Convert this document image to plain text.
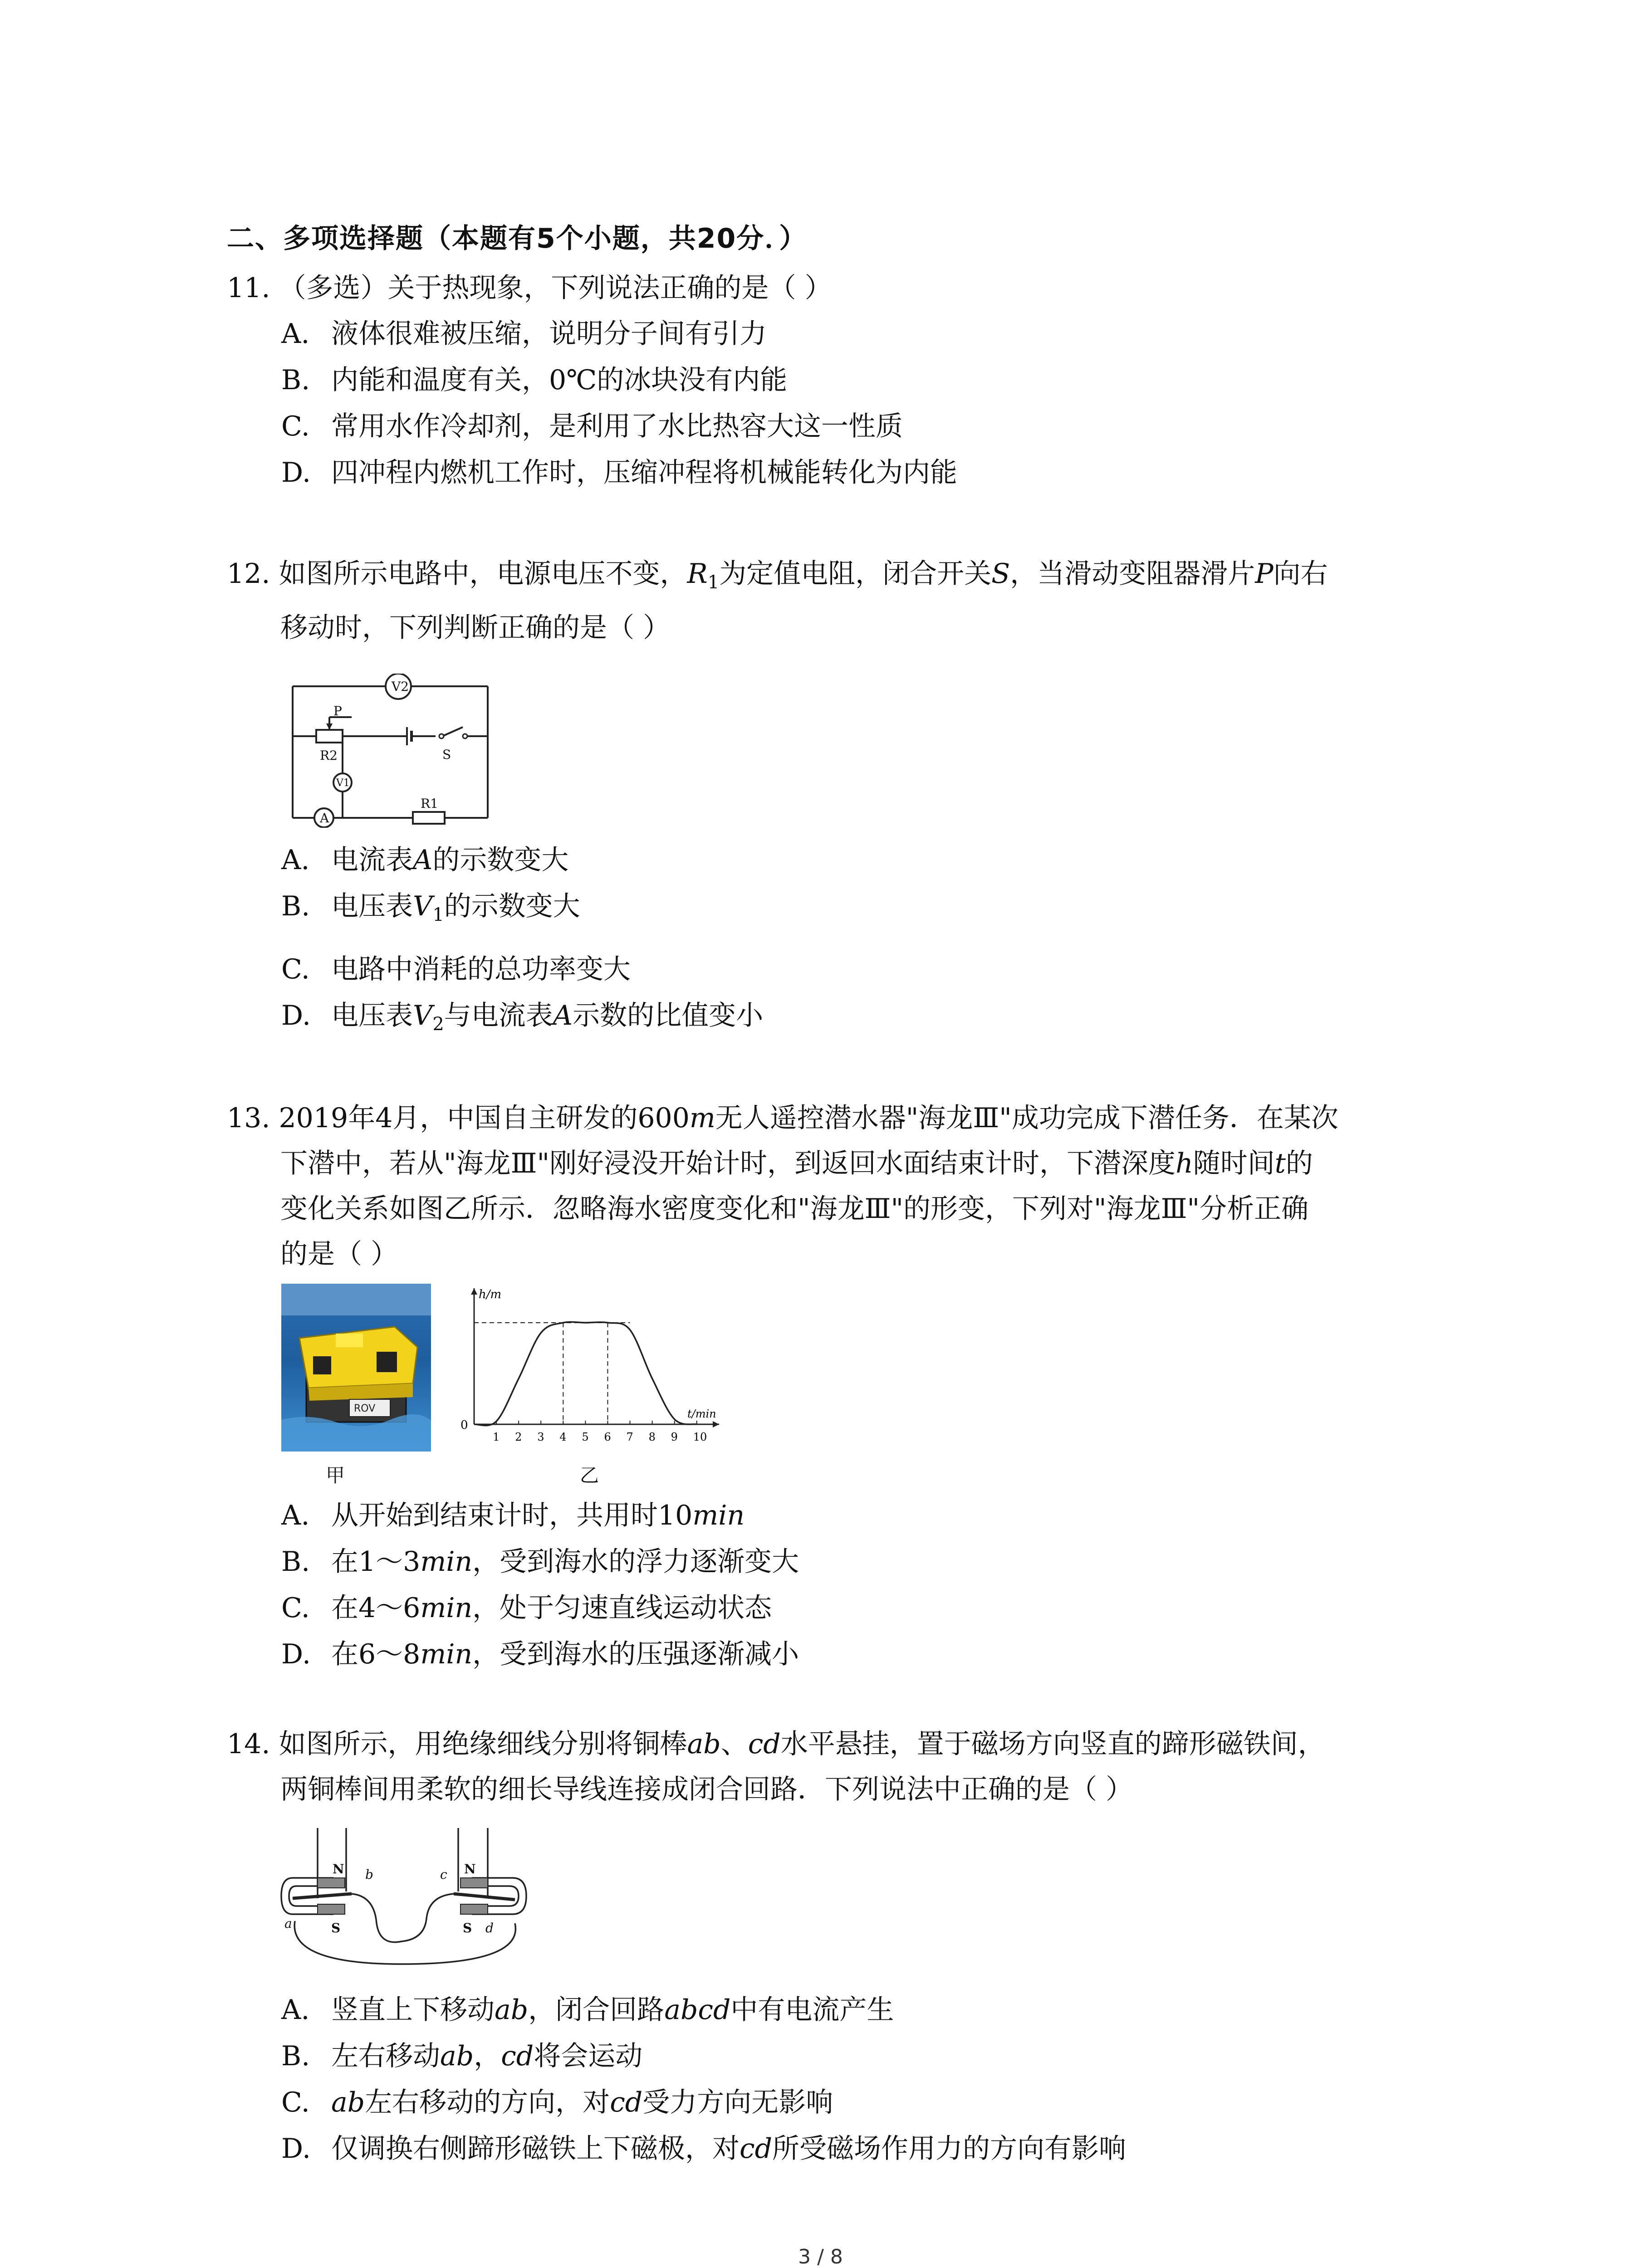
二、多项选择题（本题有5个小题，共20分．）
11. （多选）关于热现象，下列说法正确的是（ ）
A. 液体很难被压缩，说明分子间有引力
B. 内能和温度有关，0℃的冰块没有内能
C. 常用水作冷却剂，是利用了水比热容大这一性质
D. 四冲程内燃机工作时，压缩冲程将机械能转化为内能
12. 如图所示电路中，电源电压不变，$R_1$为定值电阻，闭合开关S，当滑动变阻器滑片P向右
移动时，下列判断正确的是（ ）
V2
V1
A
P
R2	S
R1
A. 电流表A的示数变大
B. 电压表$V_1$的示数变大
C. 电路中消耗的总功率变大
D. 电压表$V_2$与电流表A示数的比值变小
13. 2019年4月，中国自主研发的600m无人遥控潜水器"海龙Ⅲ"成功完成下潜任务．在某次
下潜中，若从"海龙Ⅲ"刚好浸没开始计时，到返回水面结束计时，下潜深度h随时间t的
变化关系如图乙所示．忽略海水密度变化和"海龙Ⅲ"的形变，下列对"海龙Ⅲ"分析正确
的是（ ）
ROV
甲
h/m
t/min
0
1 2 3 4 5 6 7 8 9 10
乙
A. 从开始到结束计时，共用时10min
B. 在1～3min，受到海水的浮力逐渐变大
C. 在4～6min，处于匀速直线运动状态
D. 在6～8min，受到海水的压强逐渐减小
14. 如图所示，用绝缘细线分别将铜棒ab、cd水平悬挂，置于磁场方向竖直的蹄形磁铁间，
两铜棒间用柔软的细长导线连接成闭合回路．下列说法中正确的是（ ）
N
S
N
S
a
b	c
d
A. 竖直上下移动ab，闭合回路abcd中有电流产生
B. 左右移动ab，cd将会运动
C. ab左右移动的方向，对cd受力方向无影响
D. 仅调换右侧蹄形磁铁上下磁极，对cd所受磁场作用力的方向有影响
3 / 8
